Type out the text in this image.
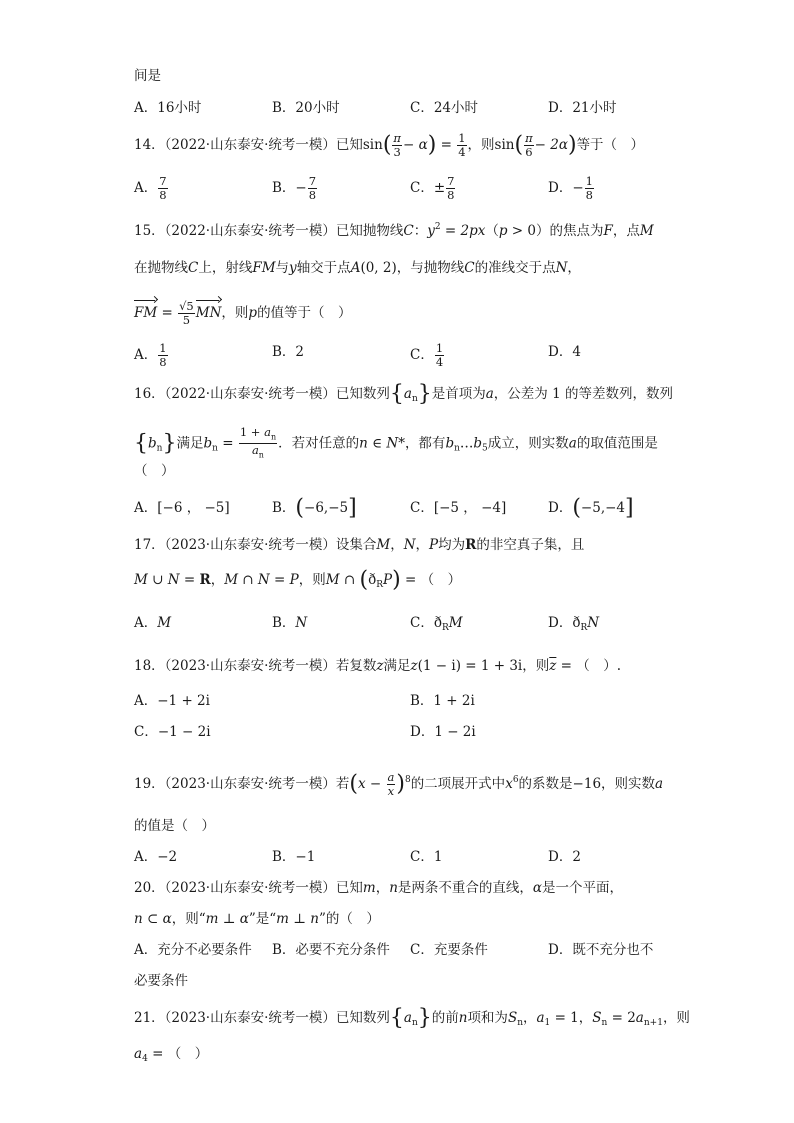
间是
A．16小时	B．20小时	C．24小时	D．21小时
14．（2022·山东泰安·统考一模）已知$\sin( \frac{\pi}{3} - \alpha) = \frac{1}{4}$ ，则$\sin( \frac{\pi}{6} - 2\alpha)$等于（　）
A． $\frac{7}{8}$	B．− $\frac{7}{8}$	C．± $\frac{7}{8}$	D．− $\frac{1}{8}$
15．（2022·山东泰安·统考一模）已知抛物线C：$y^2 = 2px(p > 0)$的焦点为F，点M
在抛物线C上，射线FM与y轴交于点A(0, 2)，与抛物线C的准线交于点N，
FM = $\frac{√5}{5}$ MN，则p的值等于（　）
A． $\frac{1}{8}$	B．2	C． $\frac{1}{4}$	D．4
16．（2022·山东泰安·统考一模）已知数列$\{a_n\}$是首项为a，公差为 1 的等差数列，数列
$\{b_n\}$满足$b_n = \frac{1 + a_n}{a_n}$ ．若对任意的n ∈ N*，都有$b_n\dots b_5$成立，则实数a的取值范围是
（　）
A．[−6 ， −5]	B．(−6,−5]	C．[−5 ， −4]	D．(−5,−4]
17．（2023·山东泰安·统考一模）设集合M，N，P均为R的非空真子集，且
M ∪ N = R，M ∩ N = P，则M ∩ $(ð_RP)$ = （　）
A．M	B．N	C．$ð_RM$	D．$ð_RN$
18．（2023·山东泰安·统考一模）若复数z满足z(1 − i) = 1 + 3i，则$\overline{z}$ = （　）.
A．−1 + 2i	B．1 + 2i
C．−1 − 2i	D．1 − 2i
19．（2023·山东泰安·统考一模）若$(x - \frac{a}{x} )^8$的二项展开式中$x^6$的系数是−16，则实数a
的值是（　）
A．−2	B．−1	C．1	D．2
20．（2023·山东泰安·统考一模）已知m，n是两条不重合的直线，α是一个平面，
n ⊂ α，则“m ⊥ α”是“m ⊥ n”的（　）
A．充分不必要条件 B．必要不充分条件 C．充要条件	D．既不充分也不
必要条件
21．（2023·山东泰安·统考一模）已知数列$\{a_n\}$的前n项和为$S_n$，$a_1 = 1$，$S_n = 2a_{n+1}$，则
$a_4$ = （　）
